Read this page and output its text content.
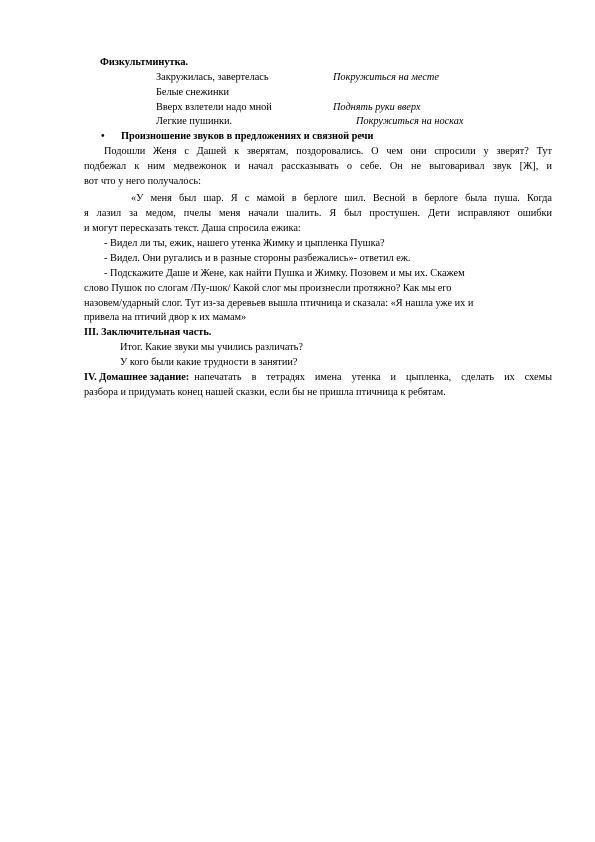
Физкультминутка.
Закружилась, завертелась	Покружиться на месте
Белые снежинки
Вверх взлетели надо мной	Поднять руки вверх
Легкие пушинки.	Покружиться на носках
• Произношение звуков в предложениях и связной речи
Подошли Женя с Дашей к зверятам, поздоровались. О чем они спросили у зверят? Тут
подбежал к ним медвежонок и начал рассказывать о себе. Он не выговаривал звук [Ж], и
вот что у него получалось:
«У меня был шар. Я с мамой в берлоге шил. Весной в берлоге была пуша. Когда
я лазил за медом, пчелы меня начали шалить. Я был простушен. Дети исправляют ошибки
и могут пересказать текст. Даша спросила ежика:
- Видел ли ты, ежик, нашего утенка Жимку и цыпленка Пушка?
- Видел. Они ругались и в разные стороны разбежались»- ответил еж.
- Подскажите Даше и Жене, как найти Пушка и Жимку. Позовем и мы их. Скажем
слово Пушок по слогам /Пу-шок/ Какой слог мы произнесли протяжно? Как мы его
назовем/ударный слог. Тут из-за деревьев вышла птичница и сказала: «Я нашла уже их и
привела на птичий двор к их мамам»
III. Заключительная часть.
Итог. Какие звуки мы учились различать?
У кого были какие трудности в занятии?
IV. Домашнее задание: напечатать в тетрадях имена утенка и цыпленка, сделать их схемы
разбора и придумать конец нашей сказки, если бы не пришла птичница к ребятам.
